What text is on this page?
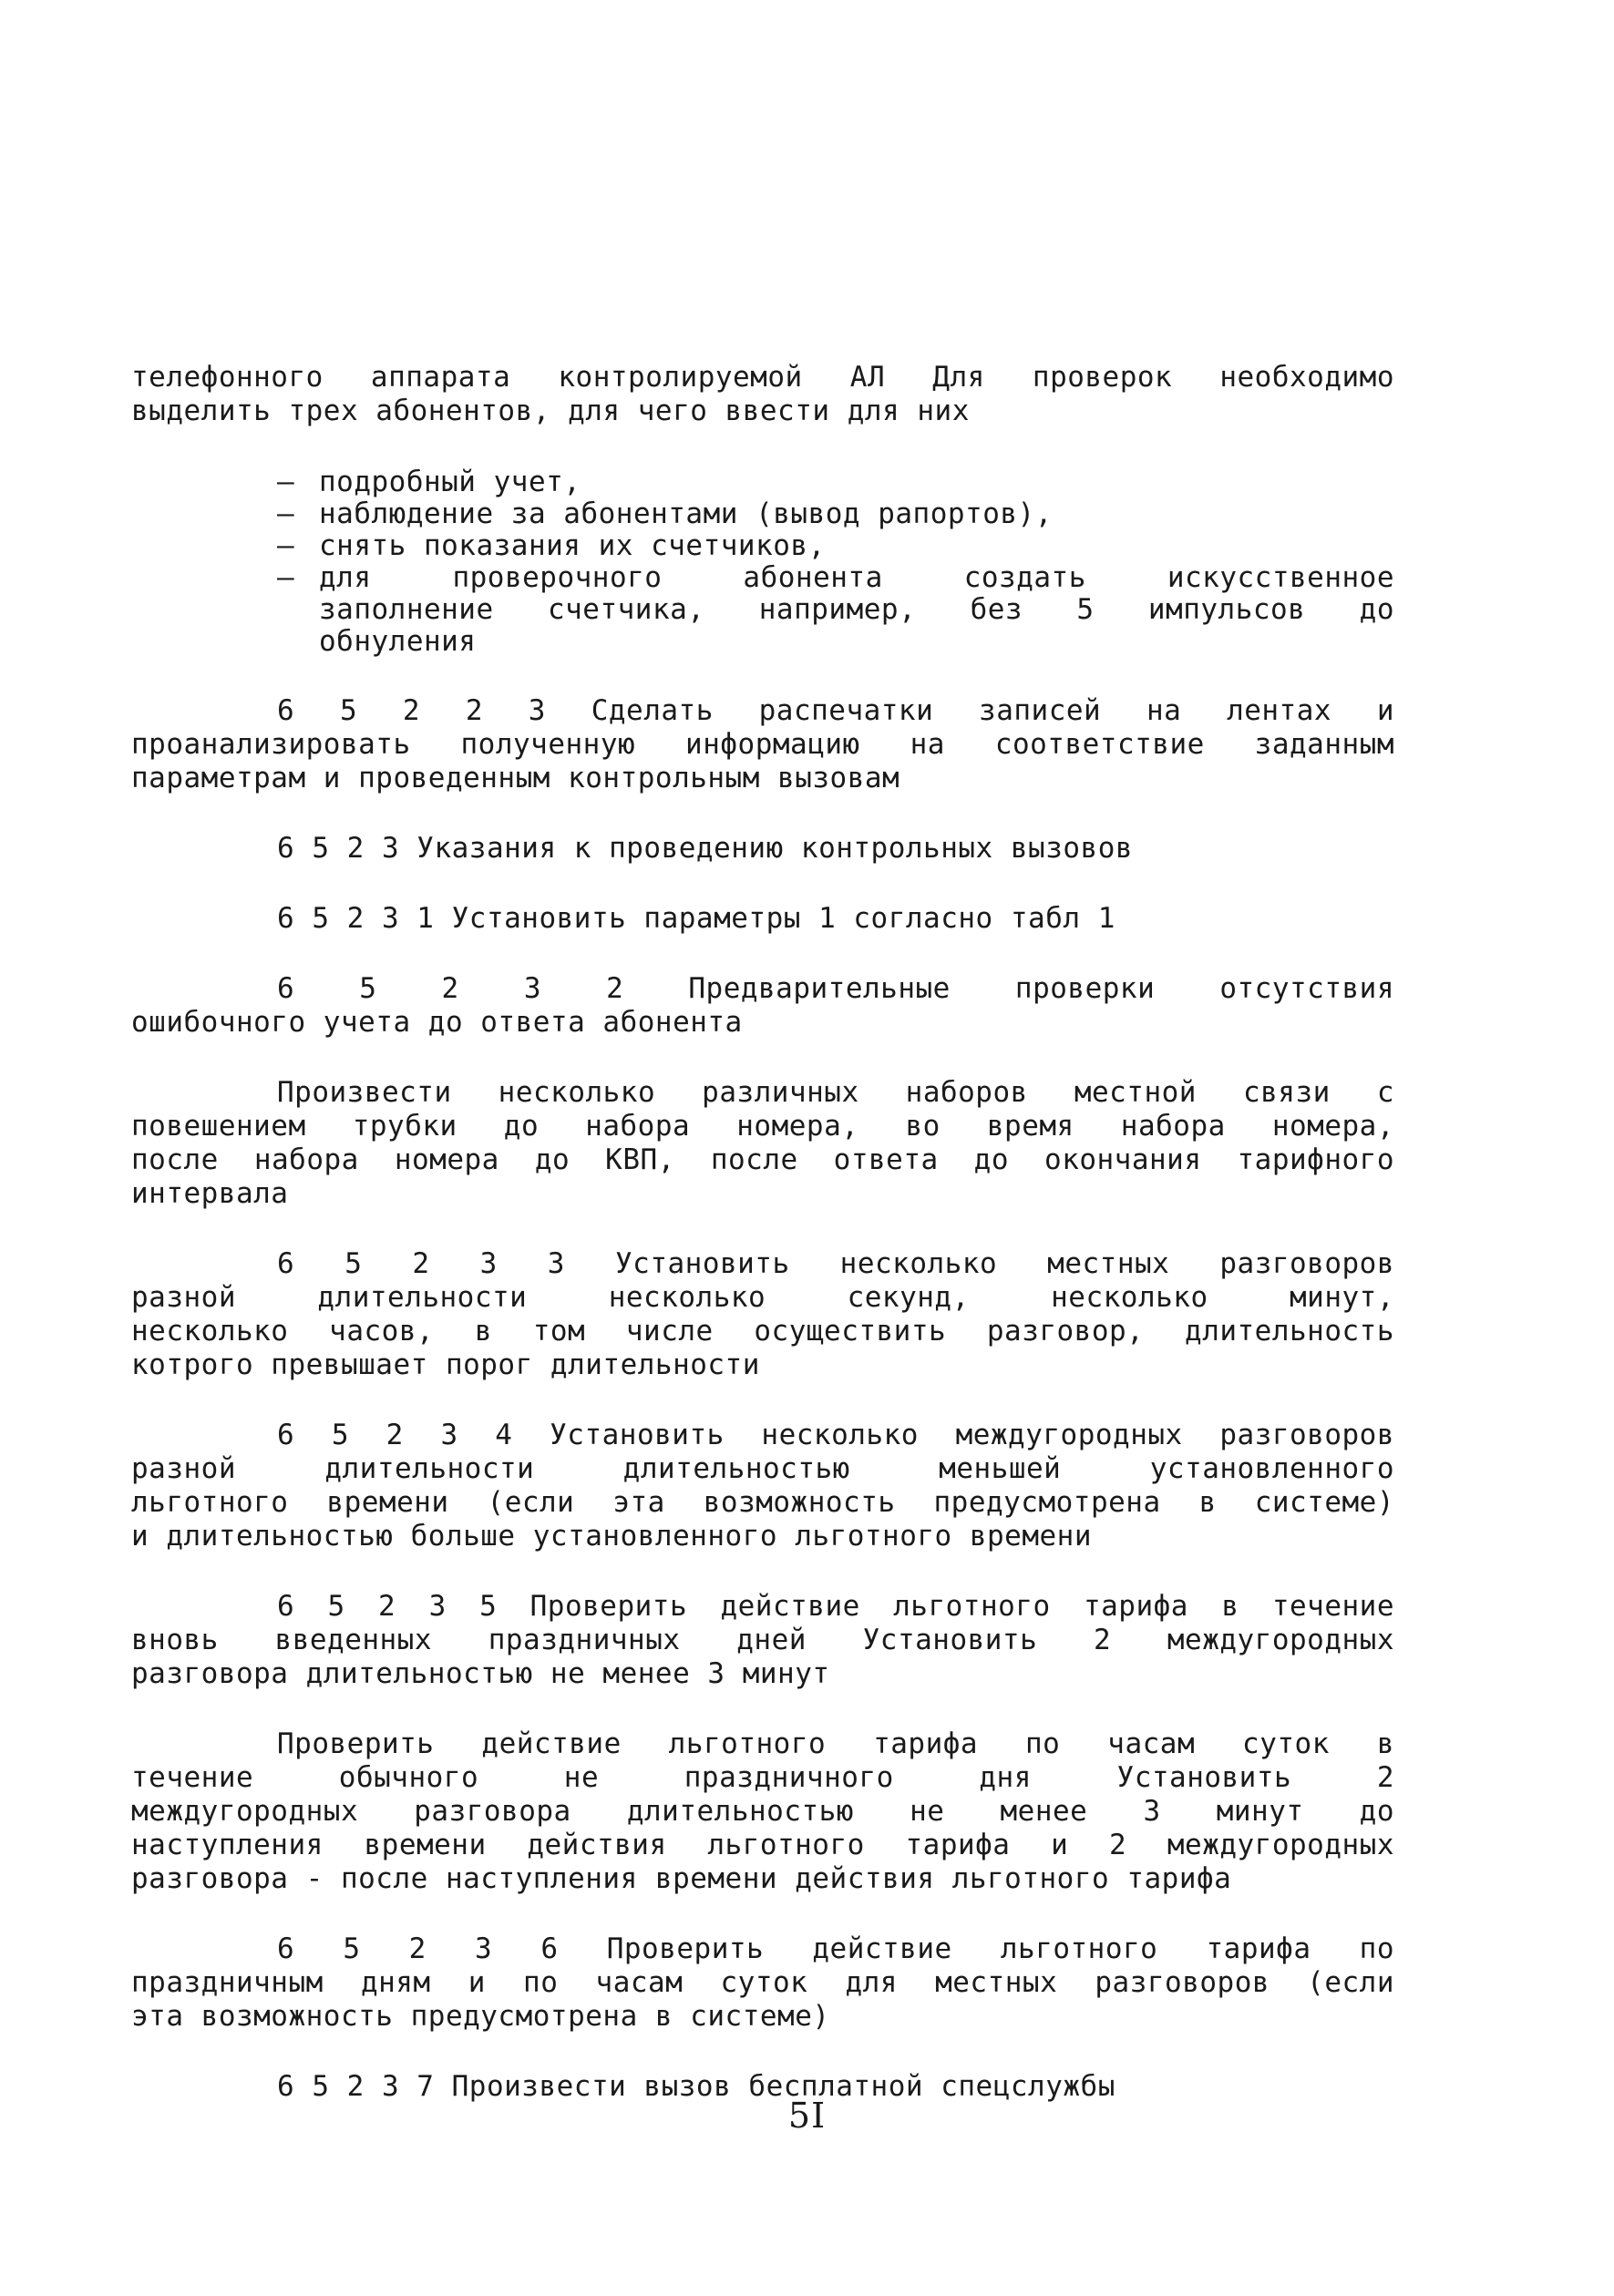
телефонного аппарата контролируемой АЛ Для проверок необходимо
выделить трех абонентов, для чего ввести для них

– подробный учет,
– наблюдение за абонентами (вывод рапортов),
– снять показания их счетчиков,
– для проверочного абонента создать искусственное
заполнение счетчика, например, без 5 импульсов до
обнуления

6 5 2 2 3 Сделать распечатки записей на лентах и
проанализировать полученную информацию на соответствие заданным
параметрам и проведенным контрольным вызовам

6 5 2 3 Указания к проведению контрольных вызовов

6 5 2 3 1 Установить параметры 1 согласно табл 1

6 5 2 3 2 Предварительные проверки отсутствия
ошибочного учета до ответа абонента

Произвести несколько различных наборов местной связи с
повешением трубки до набора номера, во время набора номера,
после набора номера до КВП, после ответа до окончания тарифного
интервала

6 5 2 3 3 Установить несколько местных разговоров
разной длительности несколько секунд, несколько минут,
несколько часов, в том числе осуществить разговор, длительность
котрого превышает порог длительности

6 5 2 3 4 Установить несколько междугородных разговоров
разной длительности длительностью меньшей установленного
льготного времени (если эта возможность предусмотрена в системе)
и длительностью больше установленного льготного времени

6 5 2 3 5 Проверить действие льготного тарифа в течение
вновь введенных праздничных дней Установить 2 междугородных
разговора длительностью не менее 3 минут

Проверить действие льготного тарифа по часам суток в
течение обычного не праздничного дня Установить 2
междугородных разговора длительностью не менее 3 минут до
наступления времени действия льготного тарифа и 2 междугородных
разговора - после наступления времени действия льготного тарифа

6 5 2 3 6 Проверить действие льготного тарифа по
праздничным дням и по часам суток для местных разговоров (если
эта возможность предусмотрена в системе)

6 5 2 3 7 Произвести вызов бесплатной спецслужбы

5I
